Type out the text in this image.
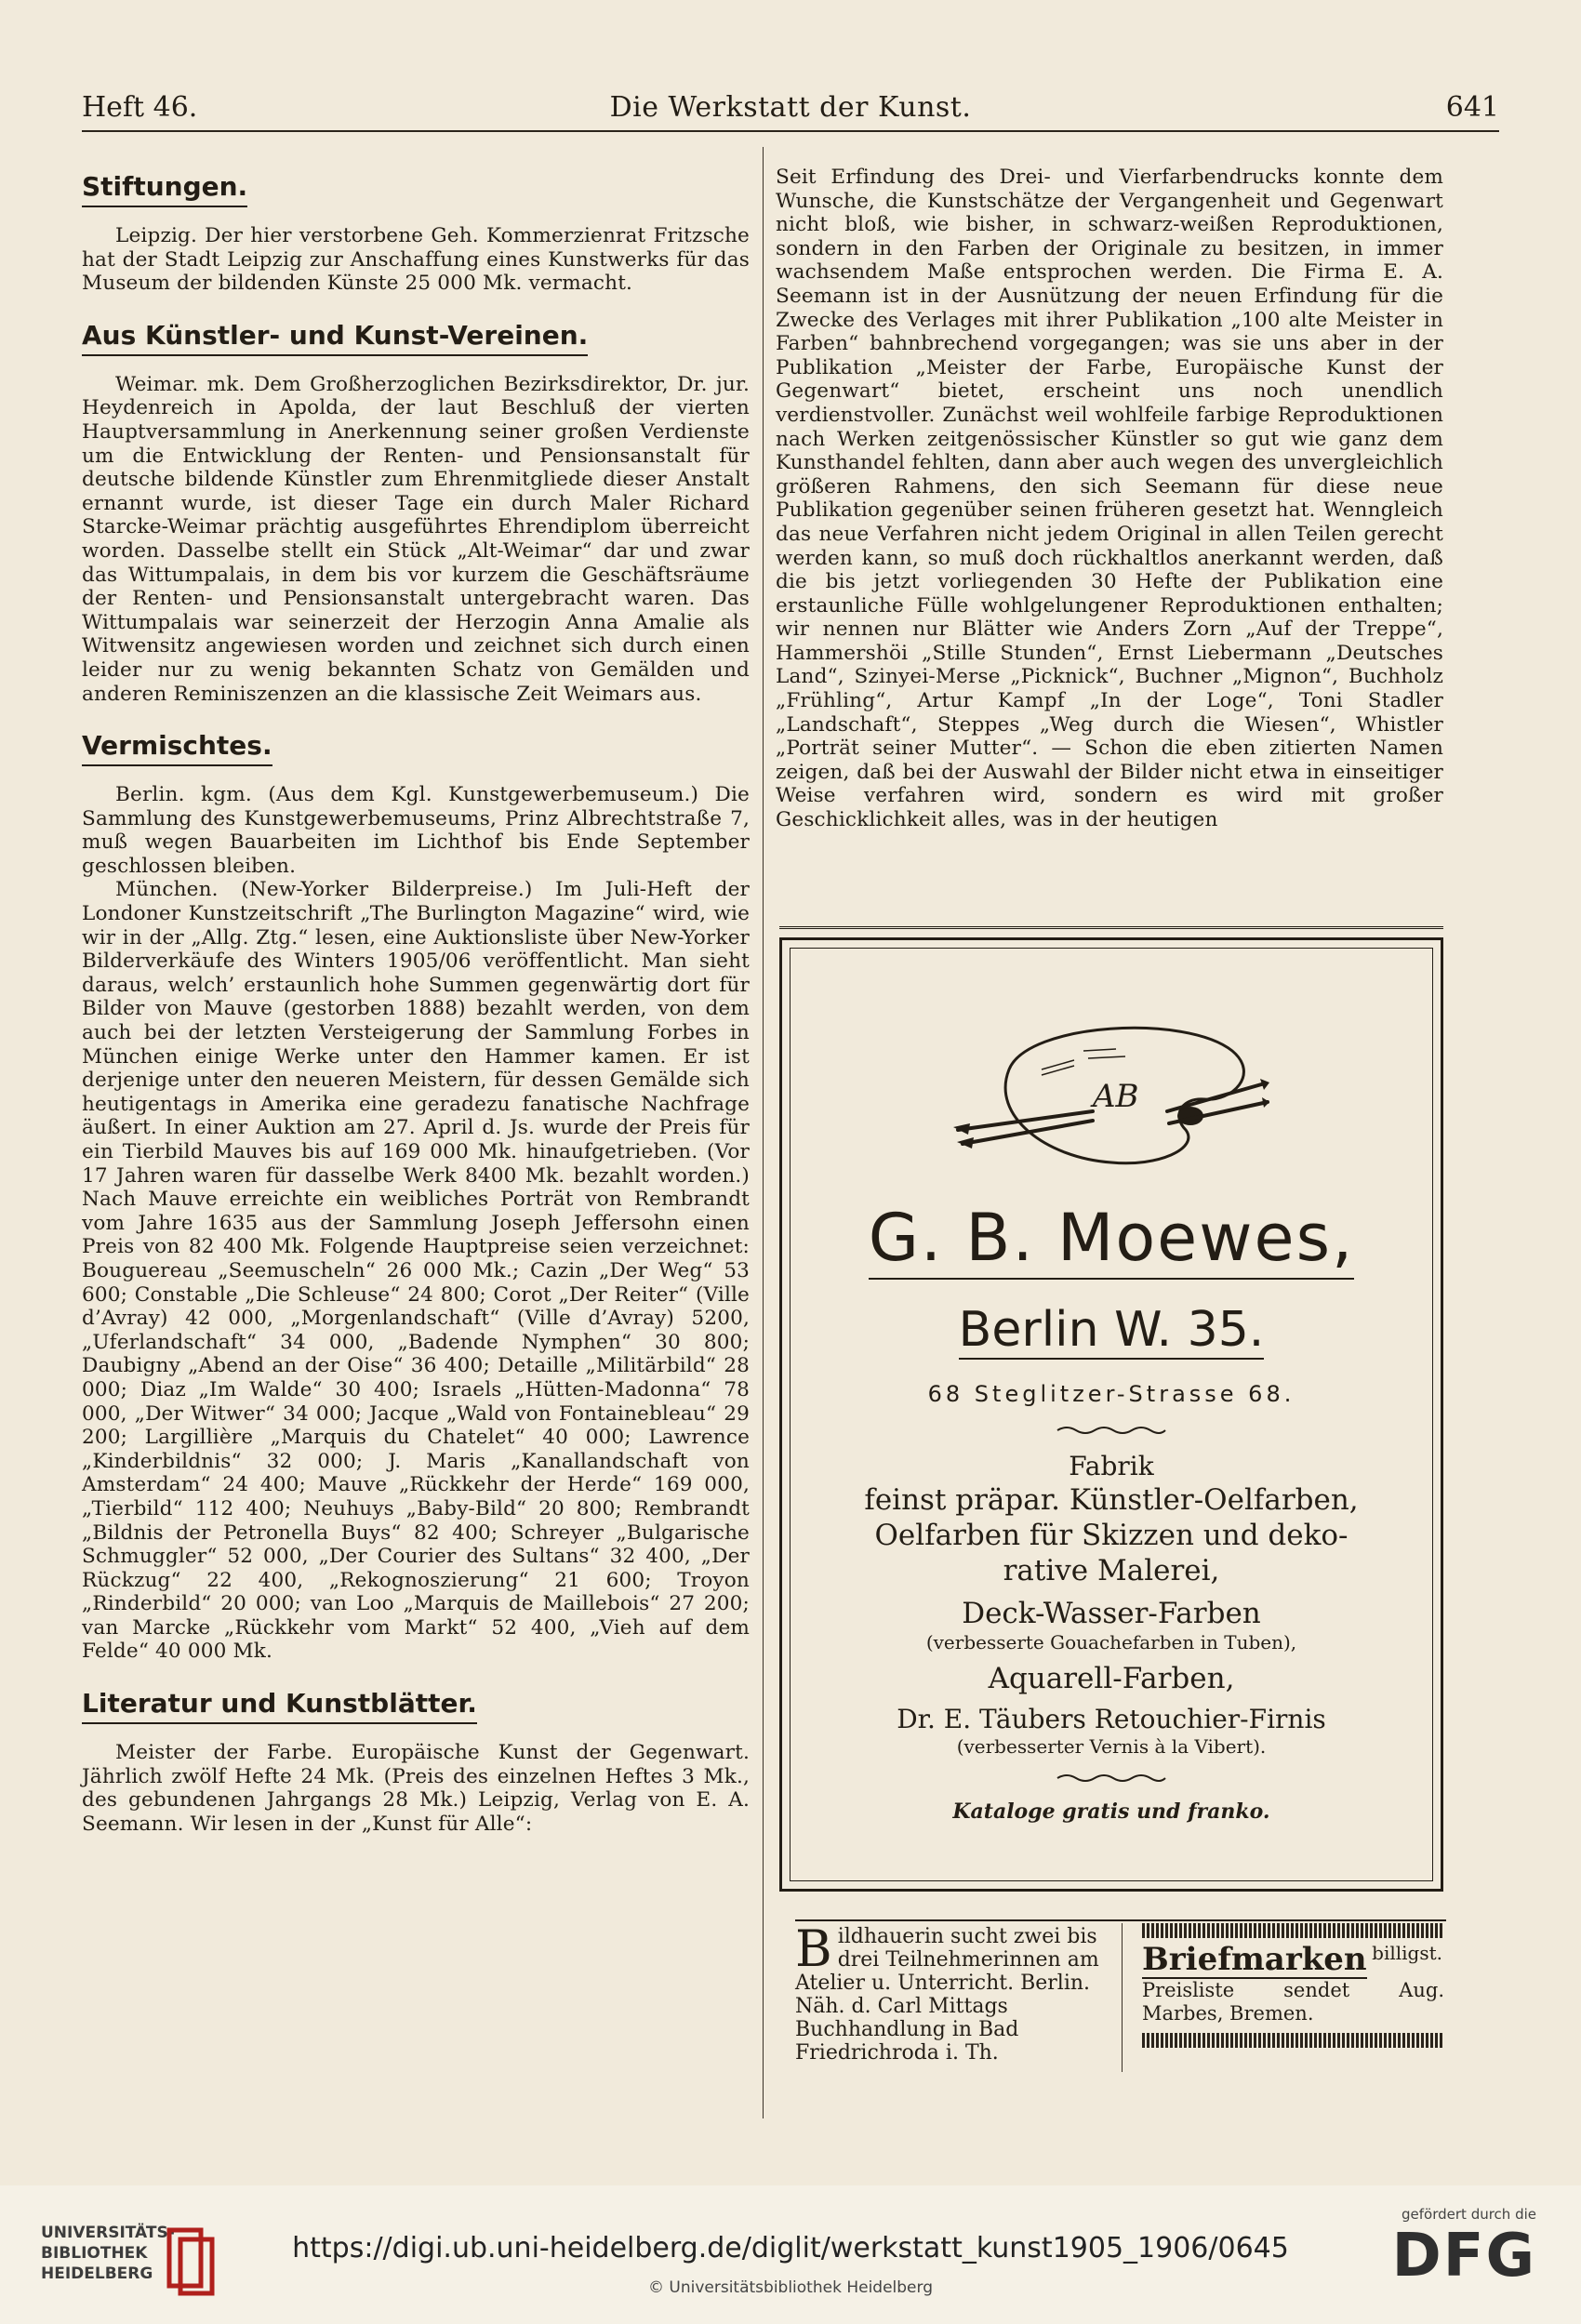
Heft 46.	Die Werkstatt der Kunst.	641
Stiftungen.

Leipzig. Der hier verstorbene Geh. Kommerzienrat Fritzsche hat der Stadt Leipzig zur Anschaffung eines Kunstwerks für das Museum der bildenden Künste 25 000 Mk. vermacht.

Aus Künstler- und Kunst-Vereinen.

Weimar. mk. Dem Großherzoglichen Bezirksdirektor, Dr. jur. Heydenreich in Apolda, der laut Beschluß der vierten Hauptversammlung in Anerkennung seiner großen Verdienste um die Entwicklung der Renten- und Pensionsanstalt für deutsche bildende Künstler zum Ehrenmitgliede dieser Anstalt ernannt wurde, ist dieser Tage ein durch Maler Richard Starcke-Weimar prächtig ausgeführtes Ehrendiplom überreicht worden. Dasselbe stellt ein Stück „Alt-Weimar“ dar und zwar das Wittumpalais, in dem bis vor kurzem die Geschäftsräume der Renten- und Pensionsanstalt untergebracht waren. Das Wittumpalais war seinerzeit der Herzogin Anna Amalie als Witwensitz angewiesen worden und zeichnet sich durch einen leider nur zu wenig bekannten Schatz von Gemälden und anderen Reminiszenzen an die klassische Zeit Weimars aus.

Vermischtes.

Berlin. kgm. (Aus dem Kgl. Kunstgewerbemuseum.) Die Sammlung des Kunstgewerbemuseums, Prinz Albrechtstraße 7, muß wegen Bauarbeiten im Lichthof bis Ende September geschlossen bleiben.

München. (New-Yorker Bilderpreise.) Im Juli-Heft der Londoner Kunstzeitschrift „The Burlington Magazine“ wird, wie wir in der „Allg. Ztg.“ lesen, eine Auktionsliste über New-Yorker Bilderverkäufe des Winters 1905/06 veröffentlicht. Man sieht daraus, welch’ erstaunlich hohe Summen gegenwärtig dort für Bilder von Mauve (gestorben 1888) bezahlt werden, von dem auch bei der letzten Versteigerung der Sammlung Forbes in München einige Werke unter den Hammer kamen. Er ist derjenige unter den neueren Meistern, für dessen Gemälde sich heutigentags in Amerika eine geradezu fanatische Nachfrage äußert. In einer Auktion am 27. April d. Js. wurde der Preis für ein Tierbild Mauves bis auf 169 000 Mk. hinaufgetrieben. (Vor 17 Jahren waren für dasselbe Werk 8400 Mk. bezahlt worden.) Nach Mauve erreichte ein weibliches Porträt von Rembrandt vom Jahre 1635 aus der Sammlung Joseph Jeffersohn einen Preis von 82 400 Mk. Folgende Hauptpreise seien verzeichnet: Bouguereau „Seemuscheln“ 26 000 Mk.; Cazin „Der Weg“ 53 600; Constable „Die Schleuse“ 24 800; Corot „Der Reiter“ (Ville d’Avray) 42 000, „Morgenlandschaft“ (Ville d’Avray) 5200, „Uferlandschaft“ 34 000, „Badende Nymphen“ 30 800; Daubigny „Abend an der Oise“ 36 400; Detaille „Militärbild“ 28 000; Diaz „Im Walde“ 30 400; Israels „Hütten-Madonna“ 78 000, „Der Witwer“ 34 000; Jacque „Wald von Fontainebleau“ 29 200; Largillière „Marquis du Chatelet“ 40 000; Lawrence „Kinderbildnis“ 32 000; J. Maris „Kanallandschaft von Amsterdam“ 24 400; Mauve „Rückkehr der Herde“ 169 000, „Tierbild“ 112 400; Neuhuys „Baby-Bild“ 20 800; Rembrandt „Bildnis der Petronella Buys“ 82 400; Schreyer „Bulgarische Schmuggler“ 52 000, „Der Courier des Sultans“ 32 400, „Der Rückzug“ 22 400, „Rekognoszierung“ 21 600; Troyon „Rinderbild“ 20 000; van Loo „Marquis de Maillebois“ 27 200; van Marcke „Rückkehr vom Markt“ 52 400, „Vieh auf dem Felde“ 40 000 Mk.

Literatur und Kunstblätter.

Meister der Farbe. Europäische Kunst der Gegenwart. Jährlich zwölf Hefte 24 Mk. (Preis des einzelnen Heftes 3 Mk., des gebundenen Jahrgangs 28 Mk.) Leipzig, Verlag von E. A. Seemann. Wir lesen in der „Kunst für Alle“:

Seit Erfindung des Drei- und Vierfarbendrucks konnte dem Wunsche, die Kunstschätze der Vergangenheit und Gegenwart nicht bloß, wie bisher, in schwarz-weißen Reproduktionen, sondern in den Farben der Originale zu besitzen, in immer wachsendem Maße entsprochen werden. Die Firma E. A. Seemann ist in der Ausnützung der neuen Erfindung für die Zwecke des Verlages mit ihrer Publikation „100 alte Meister in Farben“ bahnbrechend vorgegangen; was sie uns aber in der Publikation „Meister der Farbe, Europäische Kunst der Gegenwart“ bietet, erscheint uns noch unendlich verdienstvoller. Zunächst weil wohlfeile farbige Reproduktionen nach Werken zeitgenössischer Künstler so gut wie ganz dem Kunsthandel fehlten, dann aber auch wegen des unvergleichlich größeren Rahmens, den sich Seemann für diese neue Publikation gegenüber seinen früheren gesetzt hat. Wenngleich das neue Verfahren nicht jedem Original in allen Teilen gerecht werden kann, so muß doch rückhaltlos anerkannt werden, daß die bis jetzt vorliegenden 30 Hefte der Publikation eine erstaunliche Fülle wohlgelungener Reproduktionen enthalten; wir nennen nur Blätter wie Anders Zorn „Auf der Treppe“, Hammershöi „Stille Stunden“, Ernst Liebermann „Deutsches Land“, Szinyei-Merse „Picknick“, Buchner „Mignon“, Buchholz „Frühling“, Artur Kampf „In der Loge“, Toni Stadler „Landschaft“, Steppes „Weg durch die Wiesen“, Whistler „Porträt seiner Mutter“. — Schon die eben zitierten Namen zeigen, daß bei der Auswahl der Bilder nicht etwa in einseitiger Weise verfahren wird, sondern es wird mit großer Geschicklichkeit alles, was in der heutigen

AB
G. B. Moewes,
Berlin W. 35.
68 Steglitzer-Strasse 68.
Fabrik
feinst präpar. Künstler-Oelfarben,
Oelfarben für Skizzen und deko-
rative Malerei,
Deck-Wasser-Farben
(verbesserte Gouachefarben in Tuben),
Aquarell-Farben,
Dr. E. Täubers Retouchier-Firnis
(verbesserter Vernis à la Vibert).
Kataloge gratis und franko.
Bildhauerin sucht zwei bis drei Teilnehmerinnen am Atelier u. Unterricht. Berlin. Näh. d. Carl Mittags Buchhandlung in Bad Friedrichroda i. Th.
Briefmarken billigst.
Preisliste sendet Aug. Marbes, Bremen.
UNIVERSITÄTS-
BIBLIOTHEK
HEIDELBERG
https://digi.ub.uni-heidelberg.de/diglit/werkstatt_kunst1905_1906/0645
© Universitätsbibliothek Heidelberg
gefördert durch die
DFG
